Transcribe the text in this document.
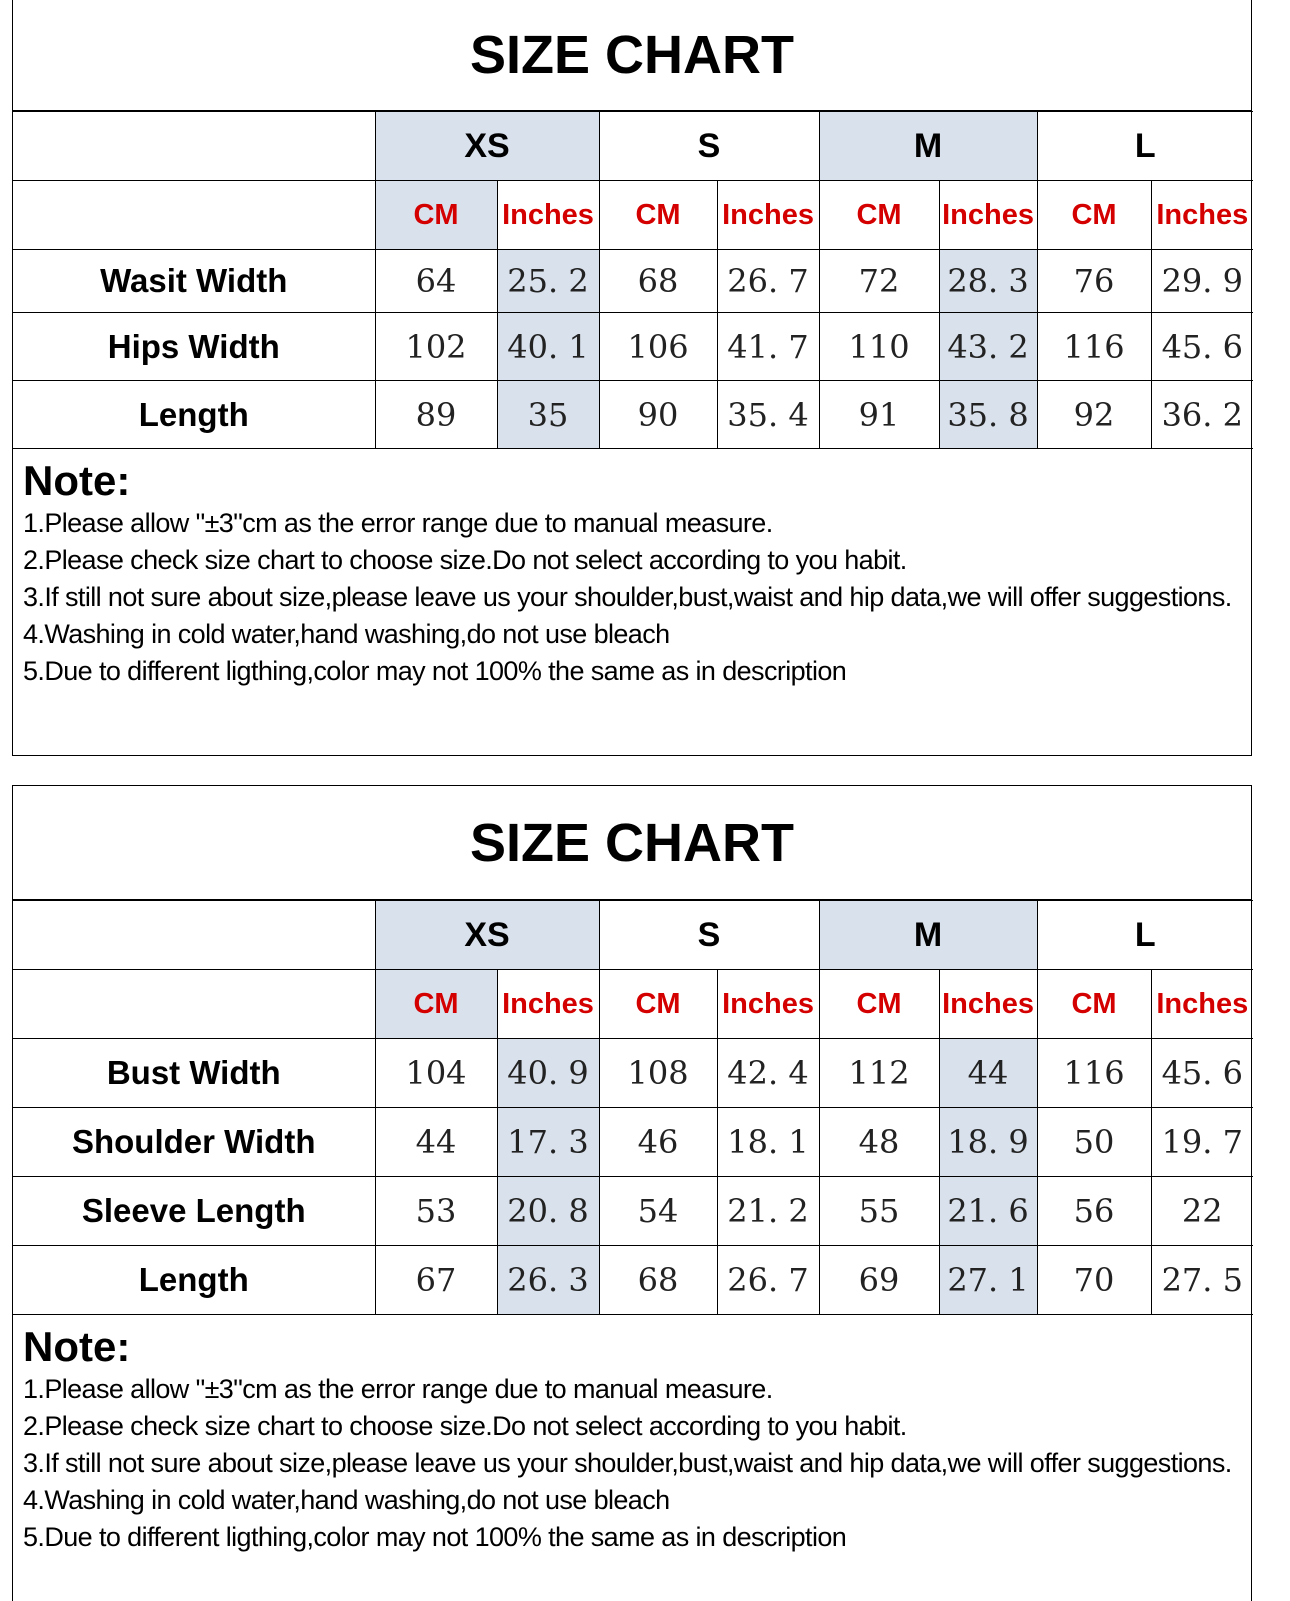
SIZE CHART
	XS		S		M		L	
	CM	Inches	CM	Inches	CM	Inches	CM	Inches
Wasit Width	64	25. 2	68	26. 7	72	28. 3	76	29. 9
Hips Width	102	40. 1	106	41. 7	110	43. 2	116	45. 6
Length	89	35	90	35. 4	91	35. 8	92	36. 2
Note:
1.Please allow "±3"cm as the error range due to manual measure.
2.Please check size chart to choose size.Do not select according to you habit.
3.If still not sure about size,please leave us your shoulder,bust,waist and hip data,we will offer suggestions.
4.Washing in cold water,hand washing,do not use bleach
5.Due to different ligthing,color may not 100% the same as in description
SIZE CHART
	XS		S		M		L	
	CM	Inches	CM	Inches	CM	Inches	CM	Inches
Bust Width	104	40. 9	108	42. 4	112	44	116	45. 6
Shoulder Width	44	17. 3	46	18. 1	48	18. 9	50	19. 7
Sleeve Length	53	20. 8	54	21. 2	55	21. 6	56	22
Length	67	26. 3	68	26. 7	69	27. 1	70	27. 5
Note:
1.Please allow "±3"cm as the error range due to manual measure.
2.Please check size chart to choose size.Do not select according to you habit.
3.If still not sure about size,please leave us your shoulder,bust,waist and hip data,we will offer suggestions.
4.Washing in cold water,hand washing,do not use bleach
5.Due to different ligthing,color may not 100% the same as in description
